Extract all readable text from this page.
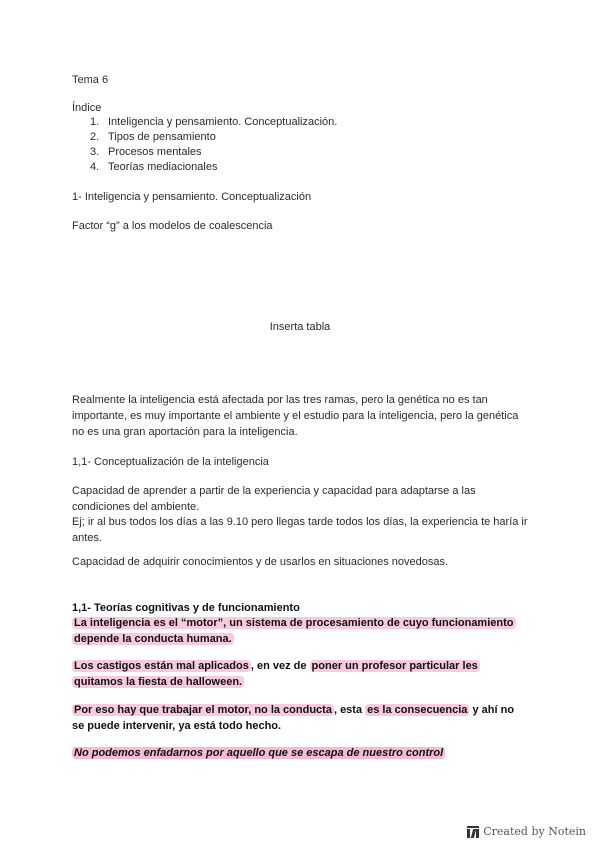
Tema 6
Índice
1. Inteligencia y pensamiento. Conceptualización.
2. Tipos de pensamiento
3. Procesos mentales
4. Teorías mediacionales
1- Inteligencia y pensamiento. Conceptualización
Factor “g” a los modelos de coalescencia
Inserta tabla
Realmente la inteligencia está afectada por las tres ramas, pero la genética no es tan importante, es muy importante el ambiente y el estudio para la inteligencia, pero la genética no es una gran aportación para la inteligencia.
1,1- Conceptualización de la inteligencia
Capacidad de aprender a partir de la experiencia y capacidad para adaptarse a las condiciones del ambiente.
Ej; ir al bus todos los días a las 9.10 pero llegas tarde todos los días, la experiencia te haría ir antes.
Capacidad de adquirir conocimientos y de usarlos en situaciones novedosas.
1,1- Teorías cognitivas y de funcionamiento
La inteligencia es el “motor”, un sistema de procesamiento de cuyo funcionamiento depende la conducta humana.
Los castigos están mal aplicados , en vez de poner un profesor particular les quitamos la fiesta de halloween.
Por eso hay que trabajar el motor, no la conducta , esta es la consecuencia y ahí no se puede intervenir, ya está todo hecho.
No podemos enfadarnos por aquello que se escapa de nuestro control
Created by Notein
